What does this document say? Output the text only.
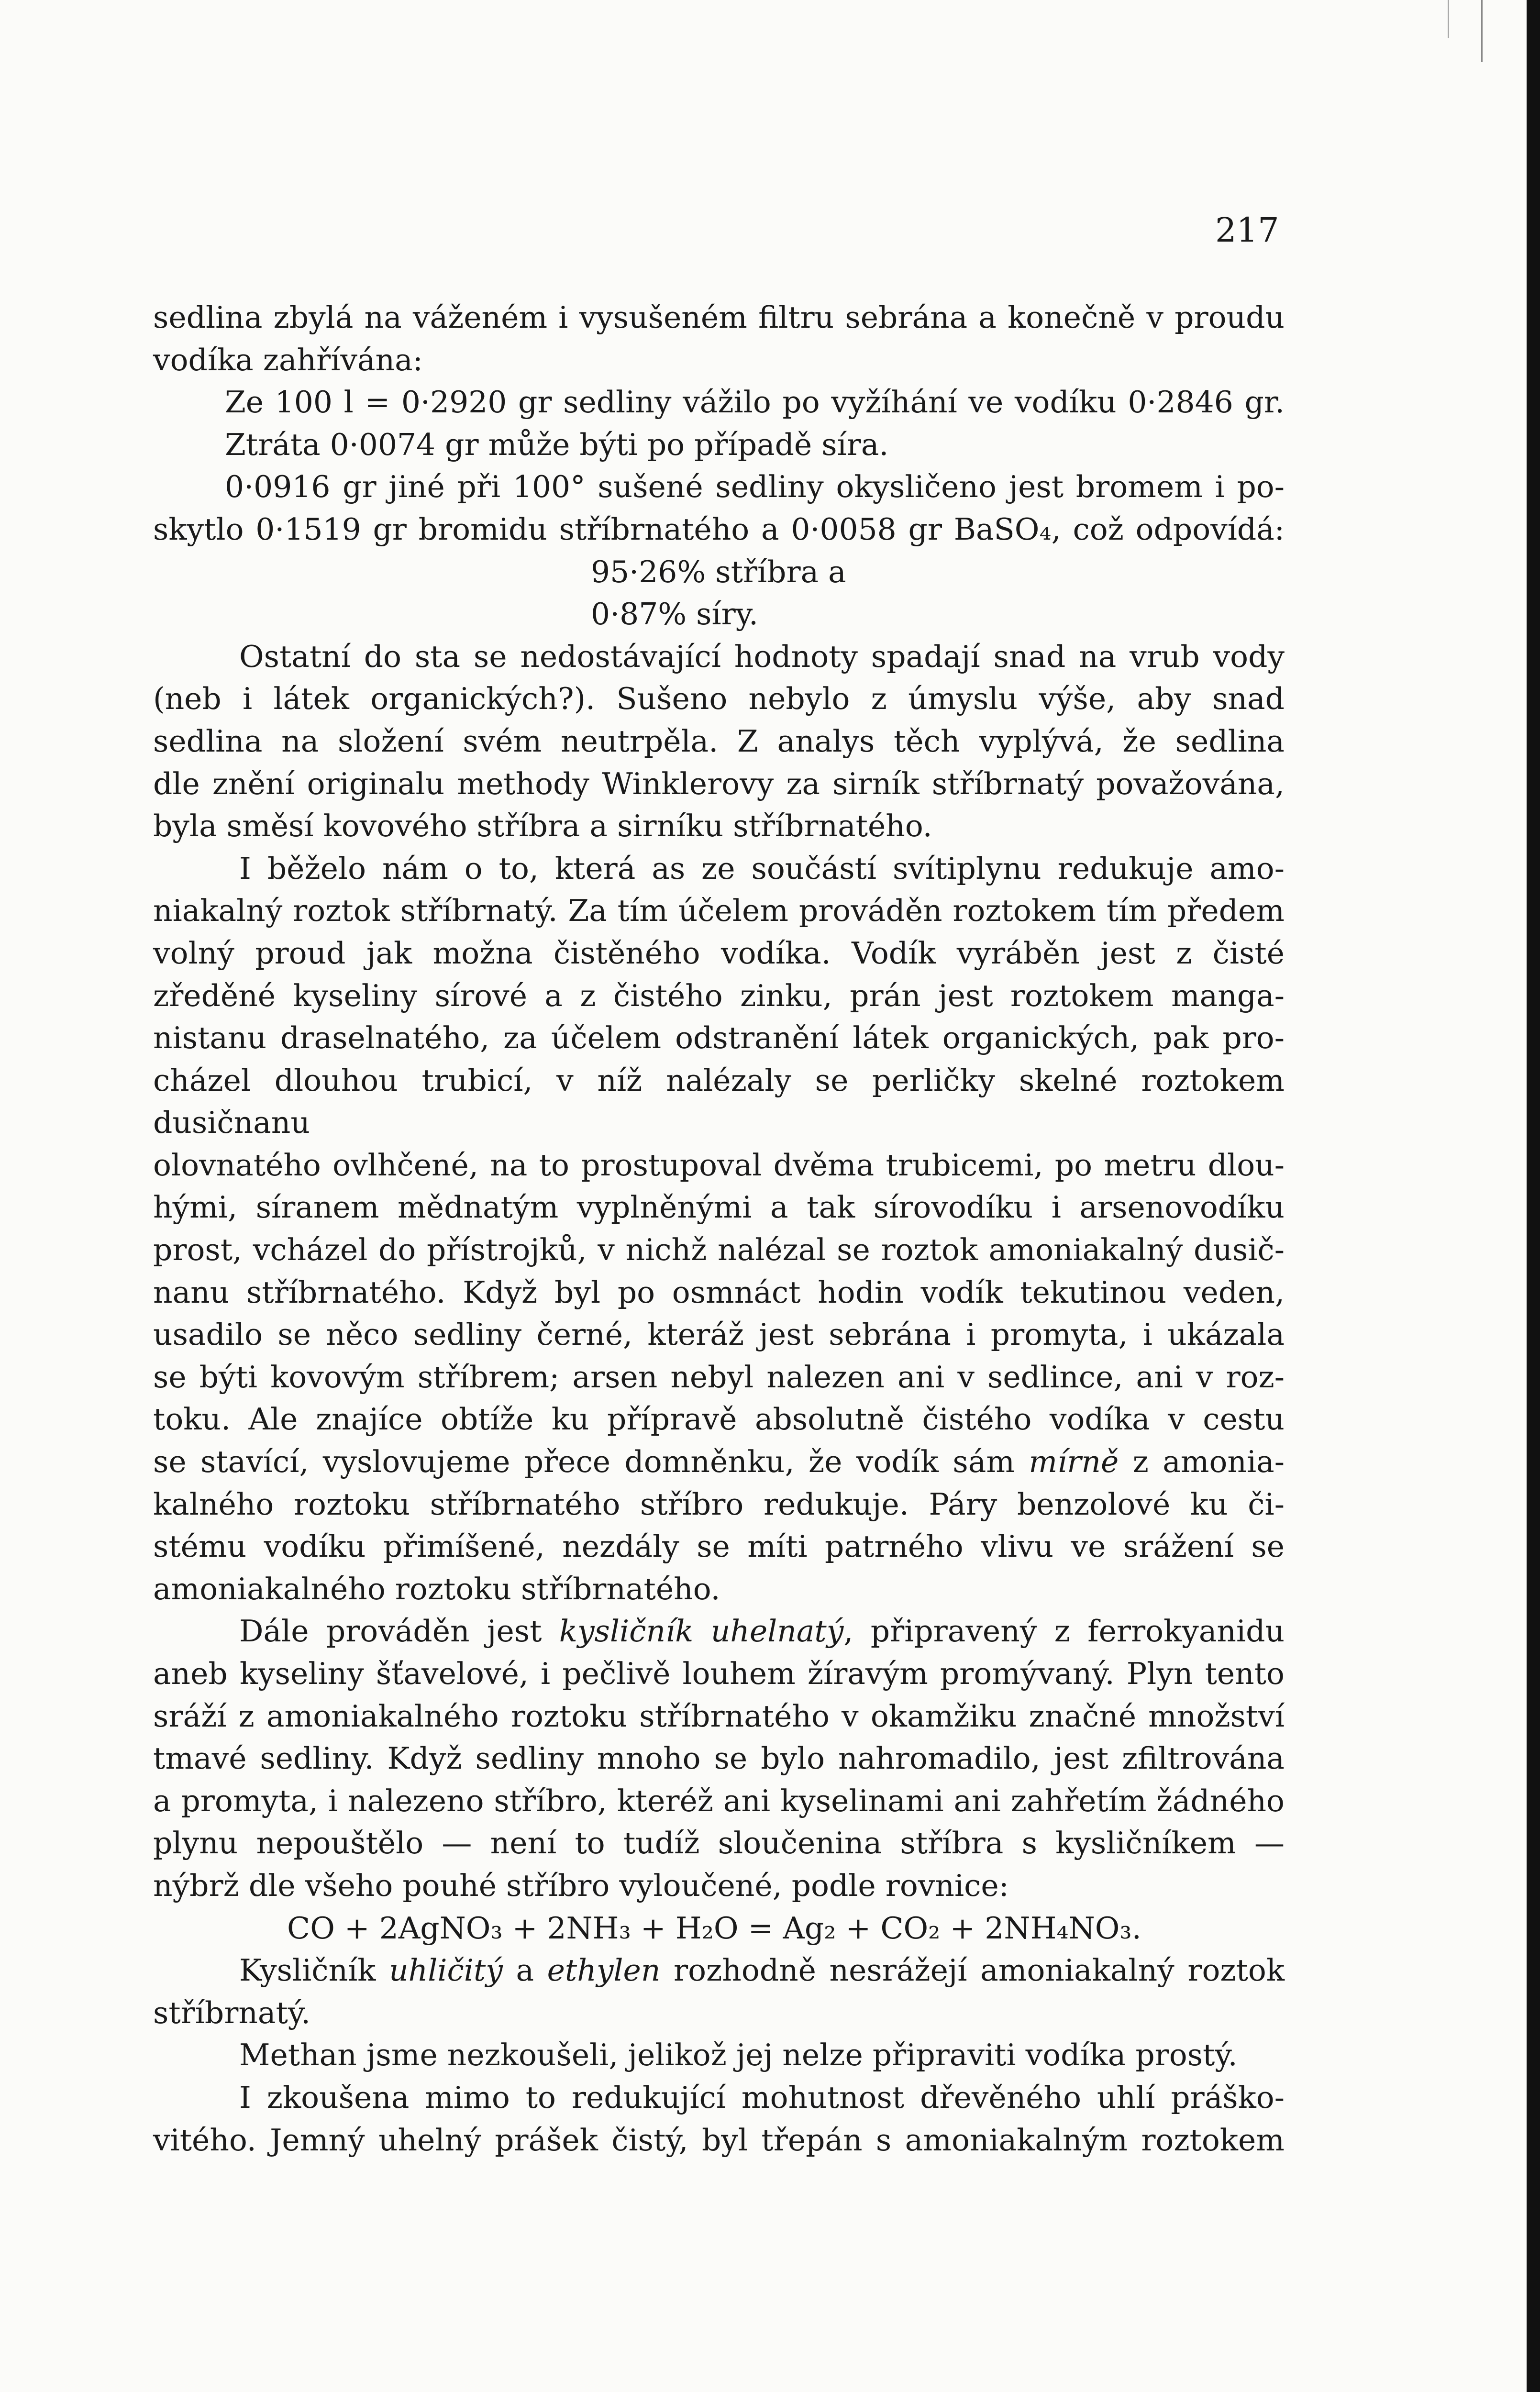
217

sedlina zbylá na váženém i vysušeném filtru sebrána a konečně v proudu

vodíka zahřívána:

Ze 100 l = 0·2920 gr sedliny vážilo po vyžíhání ve vodíku 0·2846 gr.

Ztráta 0·0074 gr může býti po případě síra.

0·0916 gr jiné při 100° sušené sedliny okysličeno jest bromem i po-

skytlo 0·1519 gr bromidu stříbrnatého a 0·0058 gr BaSO₄, což odpovídá:

95·26% stříbra a

0·87% síry.

Ostatní do sta se nedostávající hodnoty spadají snad na vrub vody

(neb i látek organických?). Sušeno nebylo z úmyslu výše, aby snad

sedlina na složení svém neutrpěla. Z analys těch vyplývá, že sedlina

dle znění originalu methody Winklerovy za sirník stříbrnatý považována,

byla směsí kovového stříbra a sirníku stříbrnatého.

I běželo nám o to, která as ze součástí svítiplynu redukuje amo-

niakalný roztok stříbrnatý. Za tím účelem prováděn roztokem tím předem

volný proud jak možna čistěného vodíka. Vodík vyráběn jest z čisté

zředěné kyseliny sírové a z čistého zinku, prán jest roztokem manga-

nistanu draselnatého, za účelem odstranění látek organických, pak pro-

cházel dlouhou trubicí, v níž nalézaly se perličky skelné roztokem dusičnanu

olovnatého ovlhčené, na to prostupoval dvěma trubicemi, po metru dlou-

hými, síranem mědnatým vyplněnými a tak sírovodíku i arsenovodíku

prost, vcházel do přístrojků, v nichž nalézal se roztok amoniakalný dusič-

nanu stříbrnatého. Když byl po osmnáct hodin vodík tekutinou veden,

usadilo se něco sedliny černé, kteráž jest sebrána i promyta, i ukázala

se býti kovovým stříbrem; arsen nebyl nalezen ani v sedlince, ani v roz-

toku. Ale znajíce obtíže ku přípravě absolutně čistého vodíka v cestu

se stavící, vyslovujeme přece domněnku, že vodík sám mírně z amonia-

kalného roztoku stříbrnatého stříbro redukuje. Páry benzolové ku či-

stému vodíku přimíšené, nezdály se míti patrného vlivu ve srážení se

amoniakalného roztoku stříbrnatého.

Dále prováděn jest kysličník uhelnatý, připravený z ferrokyanidu

aneb kyseliny šťavelové, i pečlivě louhem žíravým promývaný. Plyn tento

sráží z amoniakalného roztoku stříbrnatého v okamžiku značné množství

tmavé sedliny. Když sedliny mnoho se bylo nahromadilo, jest zfiltrována

a promyta, i nalezeno stříbro, kteréž ani kyselinami ani zahřetím žádného

plynu nepouštělo — není to tudíž sloučenina stříbra s kysličníkem —

nýbrž dle všeho pouhé stříbro vyloučené, podle rovnice:

CO + 2AgNO₃ + 2NH₃ + H₂O = Ag₂ + CO₂ + 2NH₄NO₃.

Kysličník uhličitý a ethylen rozhodně nesrážejí amoniakalný roztok

stříbrnatý.

Methan jsme nezkoušeli, jelikož jej nelze připraviti vodíka prostý.

I zkoušena mimo to redukující mohutnost dřevěného uhlí práško-

vitého. Jemný uhelný prášek čistý, byl třepán s amoniakalným roztokem
